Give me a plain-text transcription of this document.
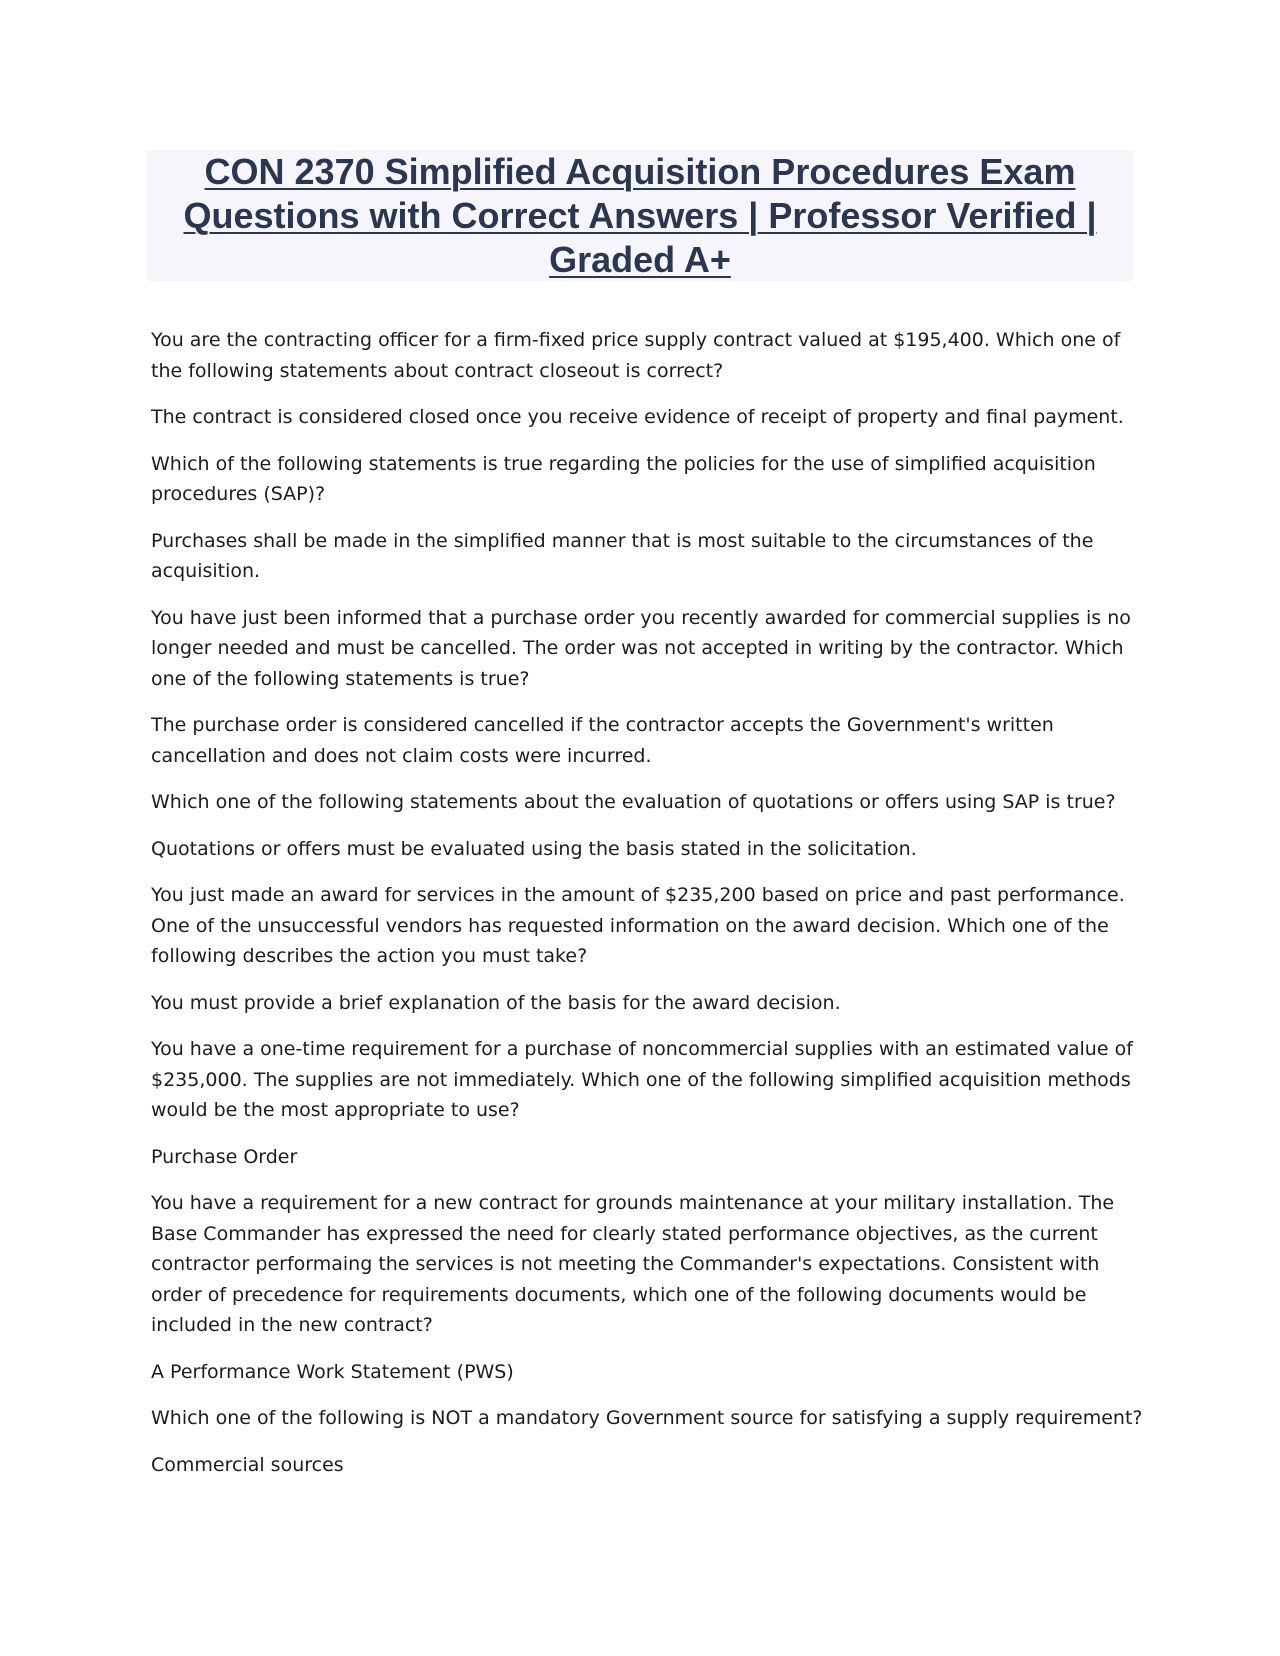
CON 2370 Simplified Acquisition Procedures Exam
Questions with Correct Answers | Professor Verified |
Graded A+

You are the contracting officer for a firm-fixed price supply contract valued at $195,400. Which one of
the following statements about contract closeout is correct?

The contract is considered closed once you receive evidence of receipt of property and final payment.

Which of the following statements is true regarding the policies for the use of simplified acquisition
procedures (SAP)?

Purchases shall be made in the simplified manner that is most suitable to the circumstances of the
acquisition.

You have just been informed that a purchase order you recently awarded for commercial supplies is no
longer needed and must be cancelled. The order was not accepted in writing by the contractor. Which
one of the following statements is true?

The purchase order is considered cancelled if the contractor accepts the Government's written
cancellation and does not claim costs were incurred.

Which one of the following statements about the evaluation of quotations or offers using SAP is true?

Quotations or offers must be evaluated using the basis stated in the solicitation.

You just made an award for services in the amount of $235,200 based on price and past performance.
One of the unsuccessful vendors has requested information on the award decision. Which one of the
following describes the action you must take?

You must provide a brief explanation of the basis for the award decision.

You have a one-time requirement for a purchase of noncommercial supplies with an estimated value of
$235,000. The supplies are not immediately. Which one of the following simplified acquisition methods
would be the most appropriate to use?

Purchase Order

You have a requirement for a new contract for grounds maintenance at your military installation. The
Base Commander has expressed the need for clearly stated performance objectives, as the current
contractor performaing the services is not meeting the Commander's expectations. Consistent with
order of precedence for requirements documents, which one of the following documents would be
included in the new contract?

A Performance Work Statement (PWS)

Which one of the following is NOT a mandatory Government source for satisfying a supply requirement?

Commercial sources
